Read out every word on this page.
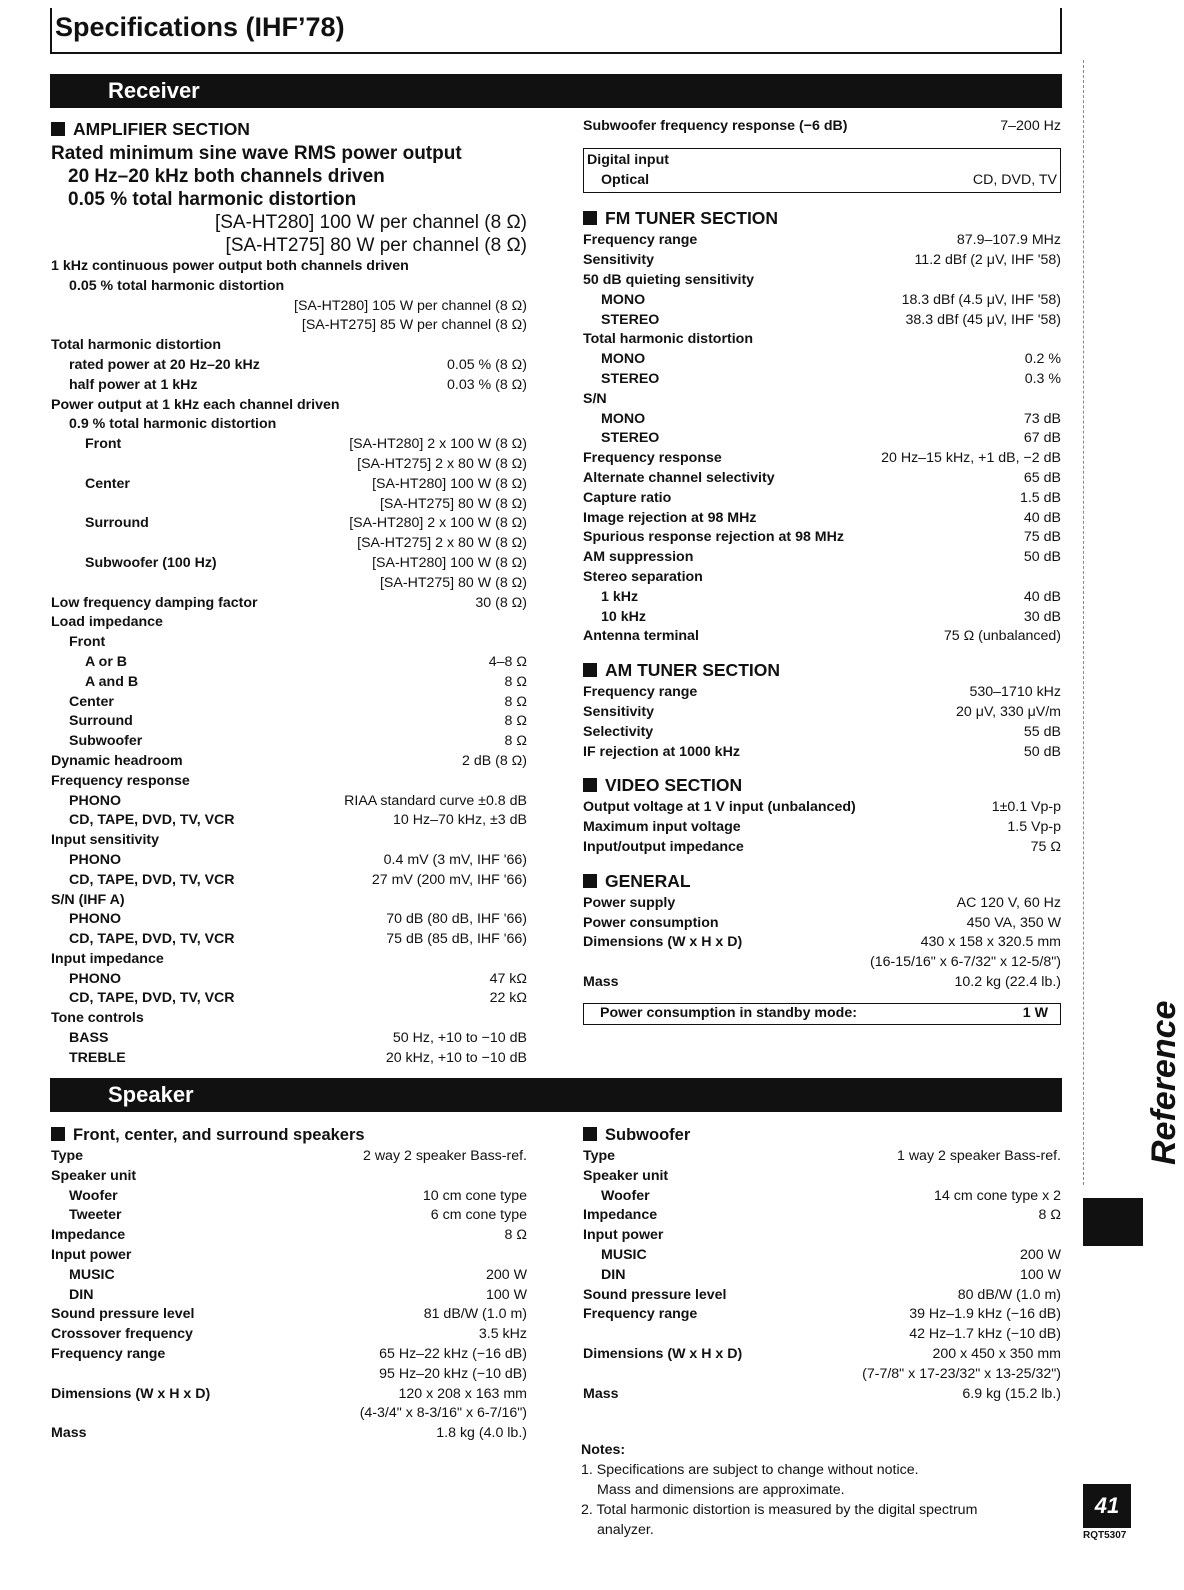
Specifications (IHF’78)
Receiver
AMPLIFIER SECTION
Rated minimum sine wave RMS power output
20 Hz–20 kHz both channels driven
0.05 % total harmonic distortion
[SA-HT280] 100 W per channel (8 Ω)
[SA-HT275] 80 W per channel (8 Ω)
1 kHz continuous power output both channels driven
0.05 % total harmonic distortion
[SA-HT280] 105 W per channel (8 Ω)
[SA-HT275] 85 W per channel (8 Ω)
Total harmonic distortion
rated power at 20 Hz–20 kHz	0.05 % (8 Ω)
half power at 1 kHz	0.03 % (8 Ω)
Power output at 1 kHz each channel driven
0.9 % total harmonic distortion
Front	[SA-HT280] 2 x 100 W (8 Ω)
[SA-HT275] 2 x 80 W (8 Ω)
Center	[SA-HT280] 100 W (8 Ω)
[SA-HT275] 80 W (8 Ω)
Surround	[SA-HT280] 2 x 100 W (8 Ω)
[SA-HT275] 2 x 80 W (8 Ω)
Subwoofer (100 Hz)	[SA-HT280] 100 W (8 Ω)
[SA-HT275] 80 W (8 Ω)
Low frequency damping factor	30 (8 Ω)
Load impedance
Front
A or B	4–8 Ω
A and B	8 Ω
Center	8 Ω
Surround	8 Ω
Subwoofer	8 Ω
Dynamic headroom	2 dB (8 Ω)
Frequency response
PHONO	RIAA standard curve ±0.8 dB
CD, TAPE, DVD, TV, VCR	10 Hz–70 kHz, ±3 dB
Input sensitivity
PHONO	0.4 mV (3 mV, IHF '66)
CD, TAPE, DVD, TV, VCR	27 mV (200 mV, IHF '66)
S/N (IHF A)
PHONO	70 dB (80 dB, IHF '66)
CD, TAPE, DVD, TV, VCR	75 dB (85 dB, IHF '66)
Input impedance
PHONO	47 kΩ
CD, TAPE, DVD, TV, VCR	22 kΩ
Tone controls
BASS	50 Hz, +10 to −10 dB
TREBLE	20 kHz, +10 to −10 dB
Subwoofer frequency response (−6 dB)	7–200 Hz
Digital input
Optical	CD, DVD, TV
FM TUNER SECTION
Frequency range	87.9–107.9 MHz
Sensitivity	11.2 dBf (2 μV, IHF '58)
50 dB quieting sensitivity
MONO	18.3 dBf (4.5 μV, IHF '58)
STEREO	38.3 dBf (45 μV, IHF '58)
Total harmonic distortion
MONO	0.2 %
STEREO	0.3 %
S/N
MONO	73 dB
STEREO	67 dB
Frequency response	20 Hz–15 kHz, +1 dB, −2 dB
Alternate channel selectivity	65 dB
Capture ratio	1.5 dB
Image rejection at 98 MHz	40 dB
Spurious response rejection at 98 MHz	75 dB
AM suppression	50 dB
Stereo separation
1 kHz	40 dB
10 kHz	30 dB
Antenna terminal	75 Ω (unbalanced)
AM TUNER SECTION
Frequency range	530–1710 kHz
Sensitivity	20 μV, 330 μV/m
Selectivity	55 dB
IF rejection at 1000 kHz	50 dB
VIDEO SECTION
Output voltage at 1 V input (unbalanced)	1±0.1 Vp-p
Maximum input voltage	1.5 Vp-p
Input/output impedance	75 Ω
GENERAL
Power supply	AC 120 V, 60 Hz
Power consumption	450 VA, 350 W
Dimensions (W x H x D)	430 x 158 x 320.5 mm
(16-15/16" x 6-7/32" x 12-5/8")
Mass	10.2 kg (22.4 lb.)
Power consumption in standby mode:	1 W
Speaker
Front, center, and surround speakers
Type	2 way 2 speaker Bass-ref.
Speaker unit
Woofer	10 cm cone type
Tweeter	6 cm cone type
Impedance	8 Ω
Input power
MUSIC	200 W
DIN	100 W
Sound pressure level	81 dB/W (1.0 m)
Crossover frequency	3.5 kHz
Frequency range	65 Hz–22 kHz (−16 dB)
95 Hz–20 kHz (−10 dB)
Dimensions (W x H x D)	120 x 208 x 163 mm
(4-3/4" x 8-3/16" x 6-7/16")
Mass	1.8 kg (4.0 lb.)
Subwoofer
Type	1 way 2 speaker Bass-ref.
Speaker unit
Woofer	14 cm cone type x 2
Impedance	8 Ω
Input power
MUSIC	200 W
DIN	100 W
Sound pressure level	80 dB/W (1.0 m)
Frequency range	39 Hz–1.9 kHz (−16 dB)
42 Hz–1.7 kHz (−10 dB)
Dimensions (W x H x D)	200 x 450 x 350 mm
(7-7/8" x 17-23/32" x 13-25/32")
Mass	6.9 kg (15.2 lb.)
Notes:
1. Specifications are subject to change without notice.
Mass and dimensions are approximate.
2. Total harmonic distortion is measured by the digital spectrum
analyzer.
Reference
41
RQT5307
